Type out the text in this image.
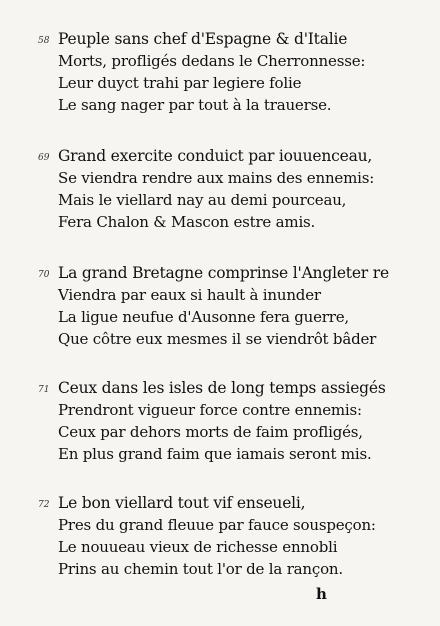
58 Peuple sans chef d'Espagne & d'Italie
Morts, profligés dedans le Cherronnesse:
Leur duyct trahi par legiere folie
Le sang nager par tout à la trauerse.
69 Grand exercite conduict par iouuenceau,
Se viendra rendre aux mains des ennemis:
Mais le viellard nay au demi pourceau,
Fera Chalon & Mascon estre amis.
70 La grand Bretagne comprinse l'Angleter re
Viendra par eaux si hault à inunder
La ligue neufue d'Ausonne fera guerre,
Que côtre eux mesmes il se viendrôt bâder
71 Ceux dans les isles de long temps assiegés
Prendront vigueur force contre ennemis:
Ceux par dehors morts de faim profligés,
En plus grand faim que iamais seront mis.
72 Le bon viellard tout vif enseueli,
Pres du grand fleuue par fauce souspeçon:
Le nouueau vieux de richesse ennobli
Prins au chemin tout l'or de la rançon.
h
